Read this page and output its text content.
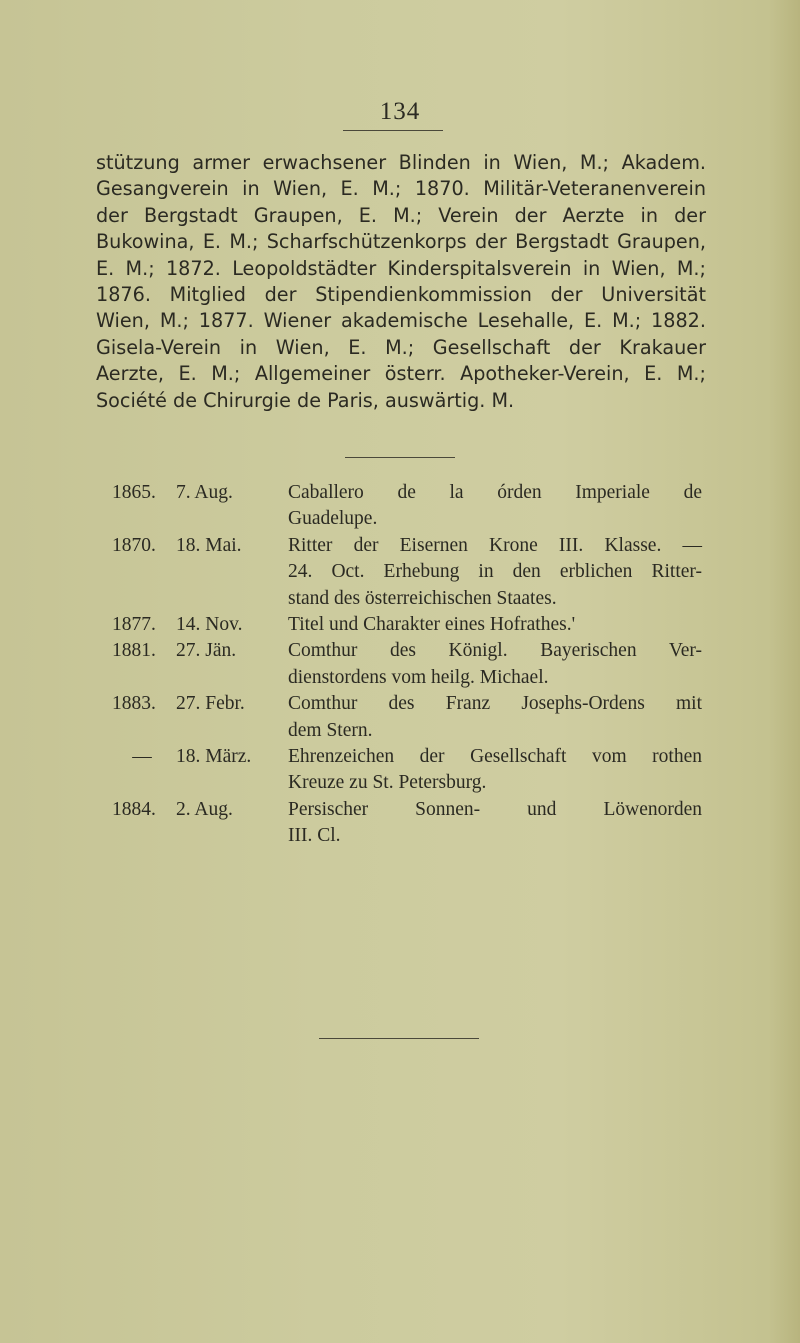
134
stützung armer erwachsener Blinden in Wien, M.; Akadem.
Gesangverein in Wien, E. M.; 1870. Militär-Veteranenverein
der Bergstadt Graupen, E. M.; Verein der Aerzte in der
Bukowina, E. M.; Scharfschützenkorps der Bergstadt Graupen,
E. M.; 1872. Leopoldstädter Kinderspitalsverein in Wien, M.;
1876. Mitglied der Stipendienkommission der Universität
Wien, M.; 1877. Wiener akademische Lesehalle, E. M.; 1882.
Gisela-Verein in Wien, E. M.; Gesellschaft der Krakauer
Aerzte, E. M.; Allgemeiner österr. Apotheker-Verein, E. M.;
Société de Chirurgie de Paris, auswärtig. M.
1865.	7. Aug.	Caballero de la órden Imperiale de
Guadelupe.
1870.	18. Mai.	Ritter der Eisernen Krone III. Klasse. —
24. Oct. Erhebung in den erblichen Ritter-
stand des österreichischen Staates.
1877.	14. Nov.	Titel und Charakter eines Hofrathes.'
1881.	27. Jän.	Comthur des Königl. Bayerischen Ver-
dienstordens vom heilg. Michael.
1883.	27. Febr.	Comthur des Franz Josephs-Ordens mit
dem Stern.
—	18. März.	Ehrenzeichen der Gesellschaft vom rothen
Kreuze zu St. Petersburg.
1884.	2. Aug.	Persischer Sonnen- und Löwenorden
III. Cl.
